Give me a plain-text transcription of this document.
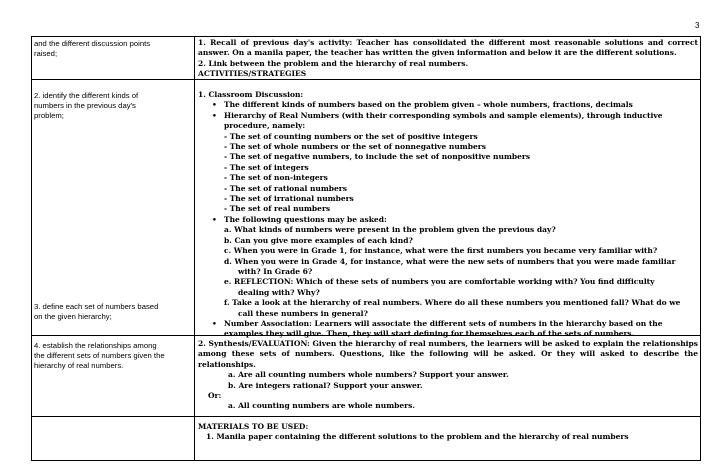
3
and the different discussion points
raised;
2. identify the different kinds of
numbers in the previous day's
problem;
3. define each set of numbers based
on the given hierarchy;
4. establish the relationships among
the different sets of numbers given the
hierarchy of real numbers.
1. Recall of previous day's activity: Teacher has consolidated the different most reasonable solutions and correct answer. On a manila paper, the teacher has written the given information and below it are the different solutions.
2. Link between the problem and the hierarchy of real numbers.
ACTIVITIES/STRATEGIES
1. Classroom Discussion:
• The different kinds of numbers based on the problem given – whole numbers, fractions, decimals
• Hierarchy of Real Numbers (with their corresponding symbols and sample elements), through inductive
procedure, namely:
- The set of counting numbers or the set of positive integers
- The set of whole numbers or the set of nonnegative numbers
- The set of negative numbers, to include the set of nonpositive numbers
- The set of integers
- The set of non-integers
- The set of rational numbers
- The set of irrational numbers
- The set of real numbers
• The following questions may be asked:
a. What kinds of numbers were present in the problem given the previous day?
b. Can you give more examples of each kind?
c. When you were in Grade 1, for instance, what were the first numbers you became very familiar with?
d. When you were in Grade 4, for instance, what were the new sets of numbers that you were made familiar
with? In Grade 6?
e. REFLECTION: Which of these sets of numbers you are comfortable working with? You find difficulty
dealing with? Why?
f. Take a look at the hierarchy of real numbers. Where do all these numbers you mentioned fall? What do we
call these numbers in general?
• Number Association: Learners will associate the different sets of numbers in the hierarchy based on the
examples they will give. Then, they will start defining for themselves each of the sets of numbers.
2. Synthesis/EVALUATION: Given the hierarchy of real numbers, the learners will be asked to explain the relationships among these sets of numbers. Questions, like the following will be asked. Or they will asked to describe the relationships.
a. Are all counting numbers whole numbers? Support your answer.
b. Are integers rational? Support your answer.
Or:
a. All counting numbers are whole numbers.
MATERIALS TO BE USED:
1. Manila paper containing the different solutions to the problem and the hierarchy of real numbers
